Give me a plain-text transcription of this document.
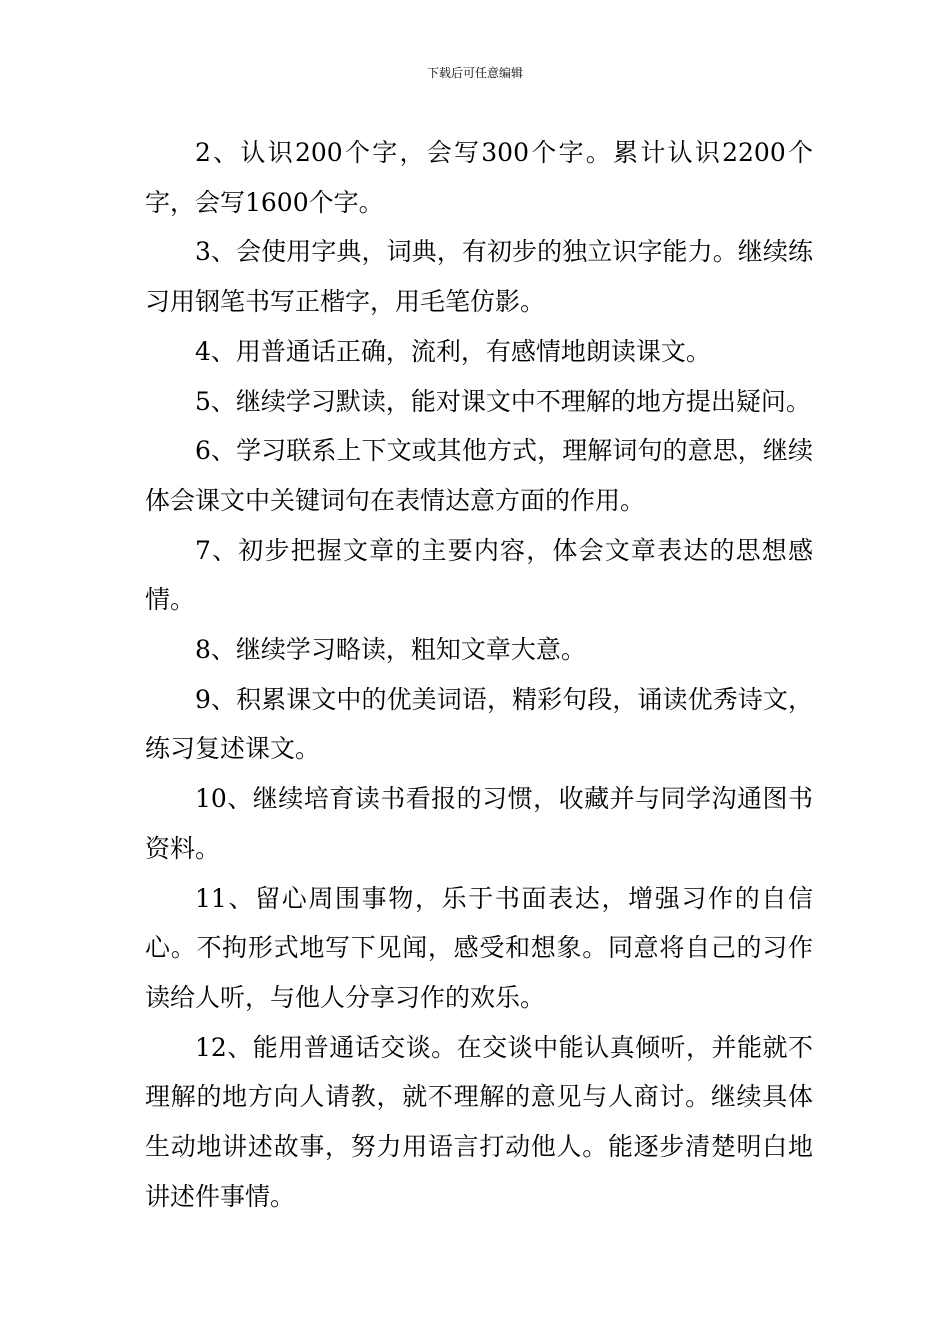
下载后可任意编辑
2、认识200个字，会写300个字。累计认识2200个字，会写1600个字。
3、会使用字典，词典，有初步的独立识字能力。继续练习用钢笔书写正楷字，用毛笔仿影。
4、用普通话正确，流利，有感情地朗读课文。
5、继续学习默读，能对课文中不理解的地方提出疑问。
6、学习联系上下文或其他方式，理解词句的意思，继续体会课文中关键词句在表情达意方面的作用。
7、初步把握文章的主要内容，体会文章表达的思想感情。
8、继续学习略读，粗知文章大意。
9、积累课文中的优美词语，精彩句段，诵读优秀诗文，练习复述课文。
10、继续培育读书看报的习惯，收藏并与同学沟通图书资料。
11、留心周围事物，乐于书面表达，增强习作的自信心。不拘形式地写下见闻，感受和想象。同意将自己的习作读给人听，与他人分享习作的欢乐。
12、能用普通话交谈。在交谈中能认真倾听，并能就不理解的地方向人请教，就不理解的意见与人商讨。继续具体生动地讲述故事，努力用语言打动他人。能逐步清楚明白地讲述件事情。
